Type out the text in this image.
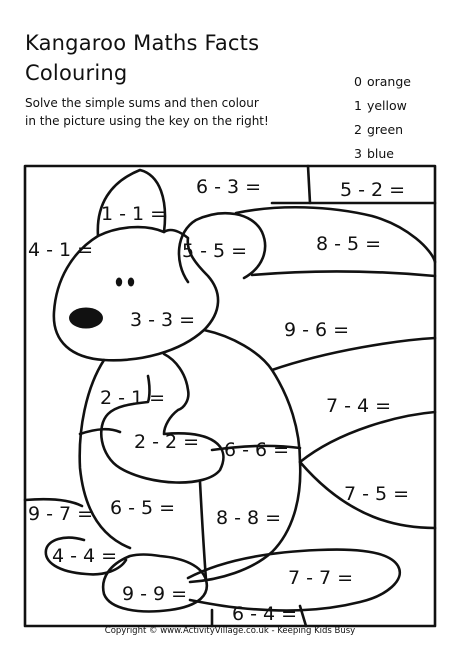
Kangaroo Maths Facts
Colouring

Solve the simple sums and then colour
in the picture using the key on the right!

0 orange
1 yellow
2 green
3 blue
6 - 3 =	5 - 2 =
1 - 1 =
4 - 1 =	5 - 5 =	8 - 5 =
3 - 3 =	9 - 6 =
2 - 1 =	7 - 4 =
2 - 2 = 6 - 6 =
7 - 5 =
9 - 7 = 6 - 5 = 8 - 8 =
4 - 4 =
7 - 7 =
9 - 9 =
6 - 4 =
Copyright © www.ActivityVillage.co.uk - Keeping Kids Busy
